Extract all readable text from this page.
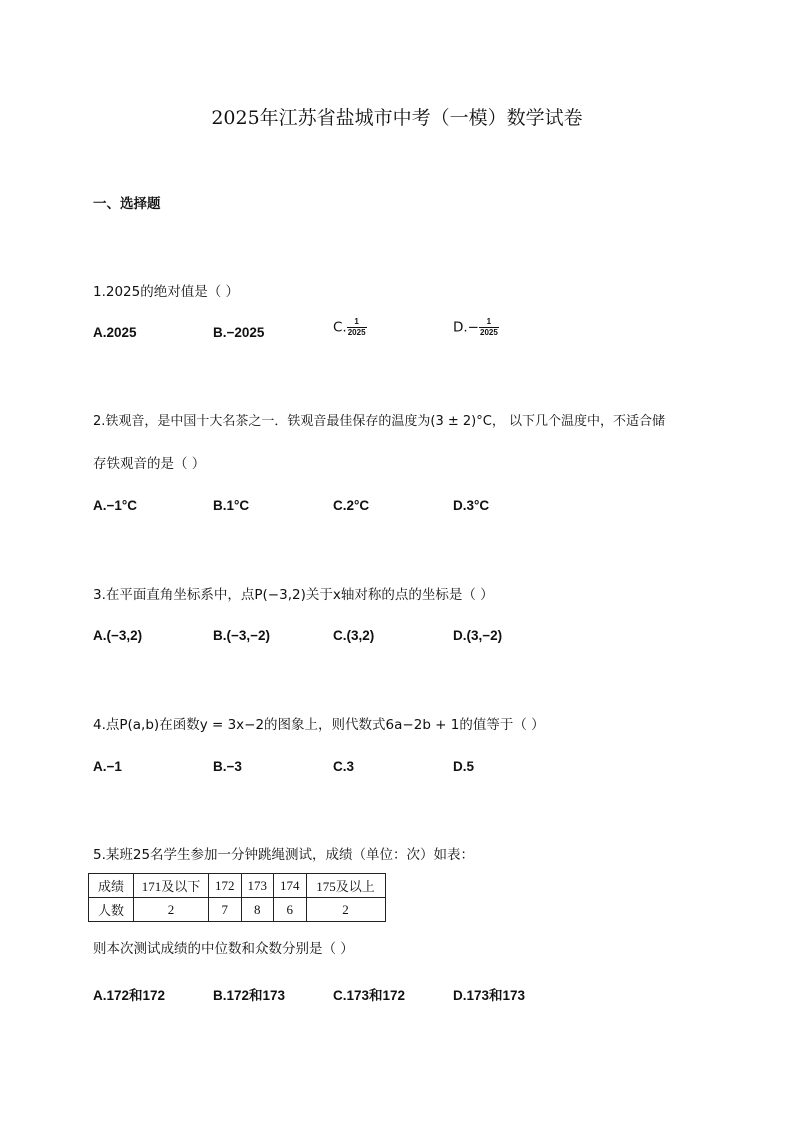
2025年江苏省盐城市中考（一模）数学试卷
一、选择题
1.2025的绝对值是（ ）
A.2025	B.−2025	C. $\frac{1}{2025}$	$D.- \frac{1}{2025}$
2.铁观音，是中国十大名茶之一．铁观音最佳保存的温度为(3 ± 2)°C， 以下几个温度中，不适合储
存铁观音的是（ ）
A.−1°C	B.1°C	C.2°C	D.3°C
3.在平面直角坐标系中，点P(−3,2)关于x轴对称的点的坐标是（ ）
A.(−3,2)	B.(−3,−2)	C.(3,2)	D.(3,−2)
4.点P(a,b)在函数y = 3x−2的图象上，则代数式6a−2b + 1的值等于（ ）
A.−1	B.−3	C.3	D.5
5.某班25名学生参加一分钟跳绳测试，成绩（单位：次）如表：
成绩	171及以下	172	173	174	175及以上
人数	2	7	8	6	2
则本次测试成绩的中位数和众数分别是（ ）
A.172和172	B.172和173	C.173和172	D.173和173
